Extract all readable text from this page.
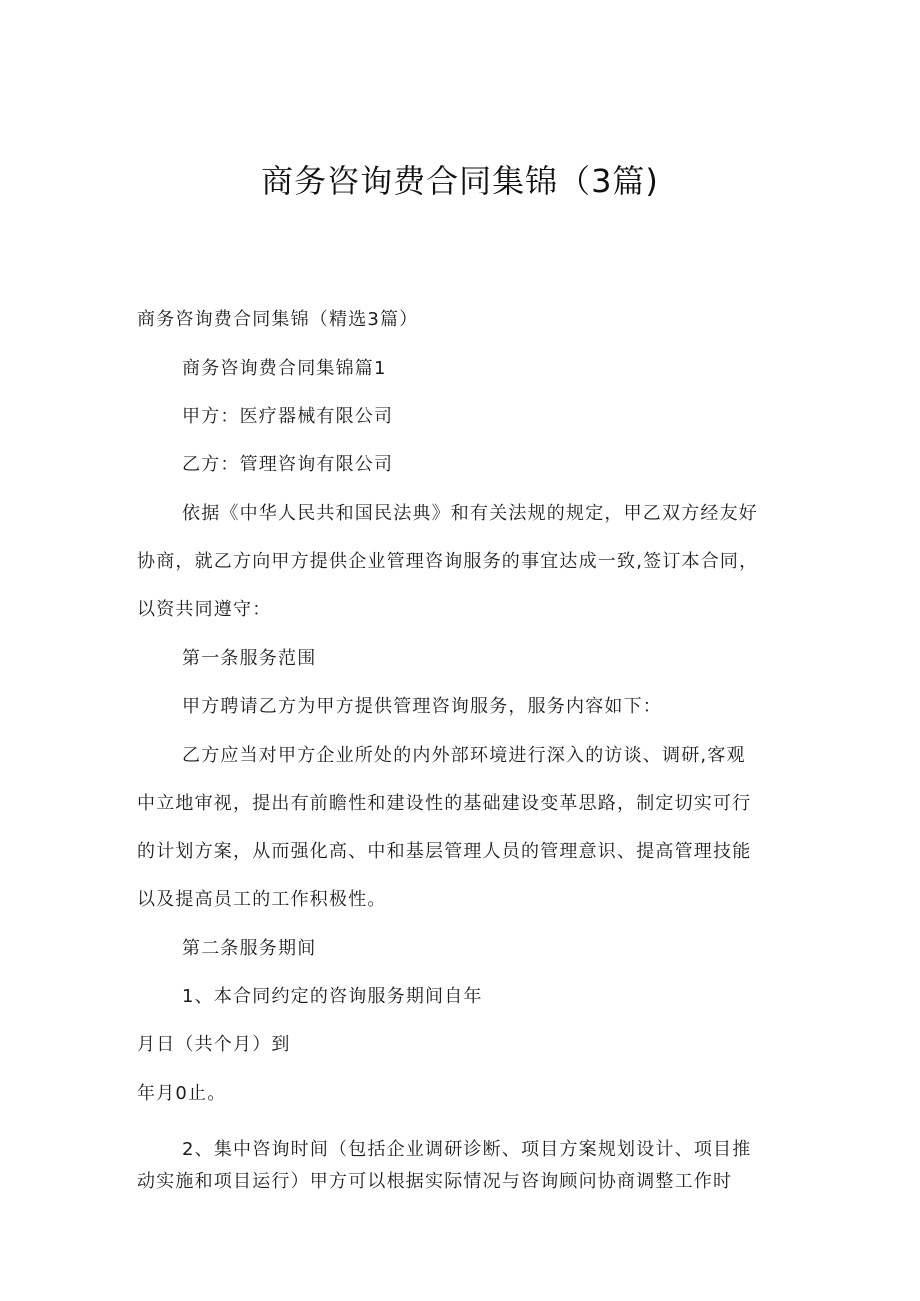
商务咨询费合同集锦（3篇)

商务咨询费合同集锦（精选3篇）

商务咨询费合同集锦篇1

甲方：医疗器械有限公司

乙方：管理咨询有限公司

依据《中华人民共和国民法典》和有关法规的规定，甲乙双方经友好

协商，就乙方向甲方提供企业管理咨询服务的事宜达成一致,签订本合同，

以资共同遵守：

第一条服务范围

甲方聘请乙方为甲方提供管理咨询服务，服务内容如下：

乙方应当对甲方企业所处的内外部环境进行深入的访谈、调研,客观

中立地审视，提出有前瞻性和建设性的基础建设变革思路，制定切实可行

的计划方案，从而强化高、中和基层管理人员的管理意识、提高管理技能

以及提高员工的工作积极性。

第二条服务期间

1、本合同约定的咨询服务期间自年

月日（共个月）到

年月0止。

2、集中咨询时间（包括企业调研诊断、项目方案规划设计、项目推

动实施和项目运行）甲方可以根据实际情况与咨询顾问协商调整工作时
